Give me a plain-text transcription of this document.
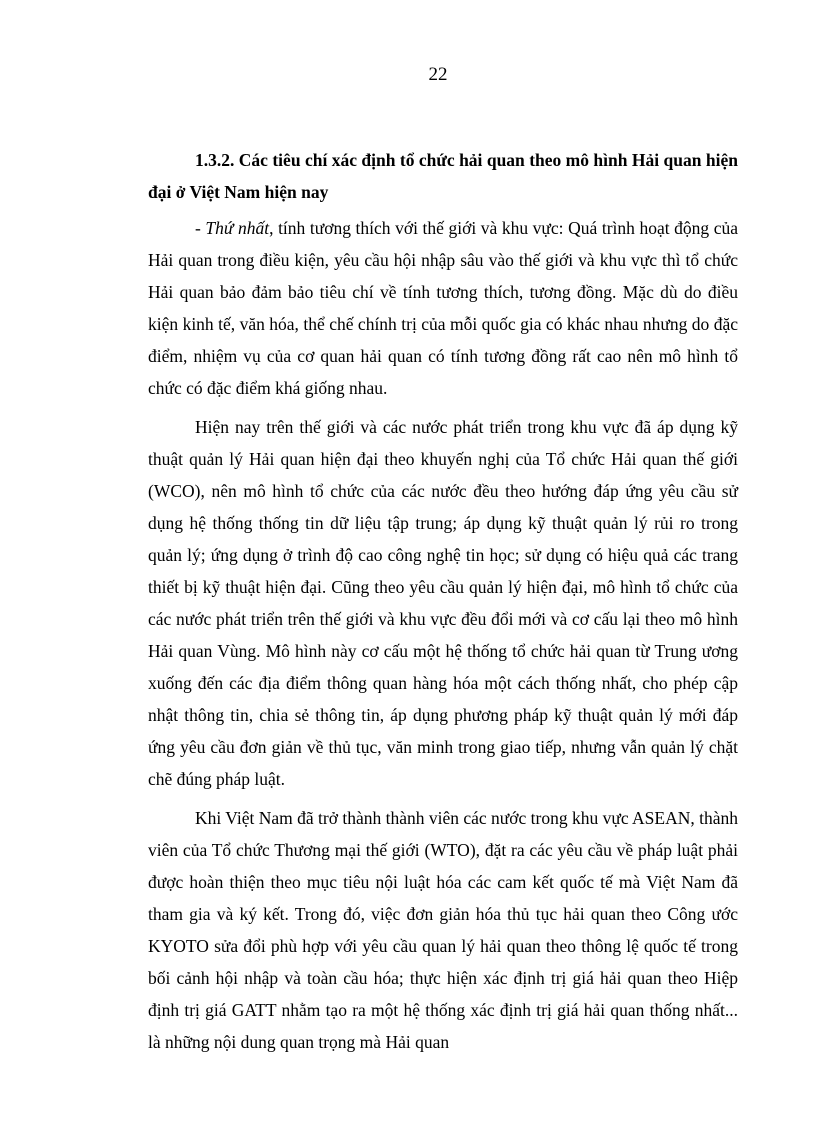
22
1.3.2. Các tiêu chí xác định tổ chức hải quan theo mô hình Hải quan hiện đại ở Việt Nam hiện nay

- Thứ nhất, tính tương thích với thế giới và khu vực: Quá trình hoạt động của Hải quan trong điều kiện, yêu cầu hội nhập sâu vào thế giới và khu vực thì tổ chức Hải quan bảo đảm bảo tiêu chí về tính tương thích, tương đồng. Mặc dù do điều kiện kinh tế, văn hóa, thể chế chính trị của mỗi quốc gia có khác nhau nhưng do đặc điểm, nhiệm vụ của cơ quan hải quan có tính tương đồng rất cao nên mô hình tổ chức có đặc điểm khá giống nhau.

Hiện nay trên thế giới và các nước phát triển trong khu vực đã áp dụng kỹ thuật quản lý Hải quan hiện đại theo khuyến nghị của Tổ chức Hải quan thế giới (WCO), nên mô hình tổ chức của các nước đều theo hướng đáp ứng yêu cầu sử dụng hệ thống thống tin dữ liệu tập trung; áp dụng kỹ thuật quản lý rủi ro trong quản lý; ứng dụng ở trình độ cao công nghệ tin học; sử dụng có hiệu quả các trang thiết bị kỹ thuật hiện đại. Cũng theo yêu cầu quản lý hiện đại, mô hình tổ chức của các nước phát triển trên thế giới và khu vực đều đổi mới và cơ cấu lại theo mô hình Hải quan Vùng. Mô hình này cơ cấu một hệ thống tổ chức hải quan từ Trung ương xuống đến các địa điểm thông quan hàng hóa một cách thống nhất, cho phép cập nhật thông tin, chia sẻ thông tin, áp dụng phương pháp kỹ thuật quản lý mới đáp ứng yêu cầu đơn giản về thủ tục, văn minh trong giao tiếp, nhưng vẫn quản lý chặt chẽ đúng pháp luật.

Khi Việt Nam đã trở thành thành viên các nước trong khu vực ASEAN, thành viên của Tổ chức Thương mại thế giới (WTO), đặt ra các yêu cầu về pháp luật phải được hoàn thiện theo mục tiêu nội luật hóa các cam kết quốc tế mà Việt Nam đã tham gia và ký kết. Trong đó, việc đơn giản hóa thủ tục hải quan theo Công ước KYOTO sửa đổi phù hợp với yêu cầu quan lý hải quan theo thông lệ quốc tế trong bối cảnh hội nhập và toàn cầu hóa; thực hiện xác định trị giá hải quan theo Hiệp định trị giá GATT nhằm tạo ra một hệ thống xác định trị giá hải quan thống nhất... là những nội dung quan trọng mà Hải quan
